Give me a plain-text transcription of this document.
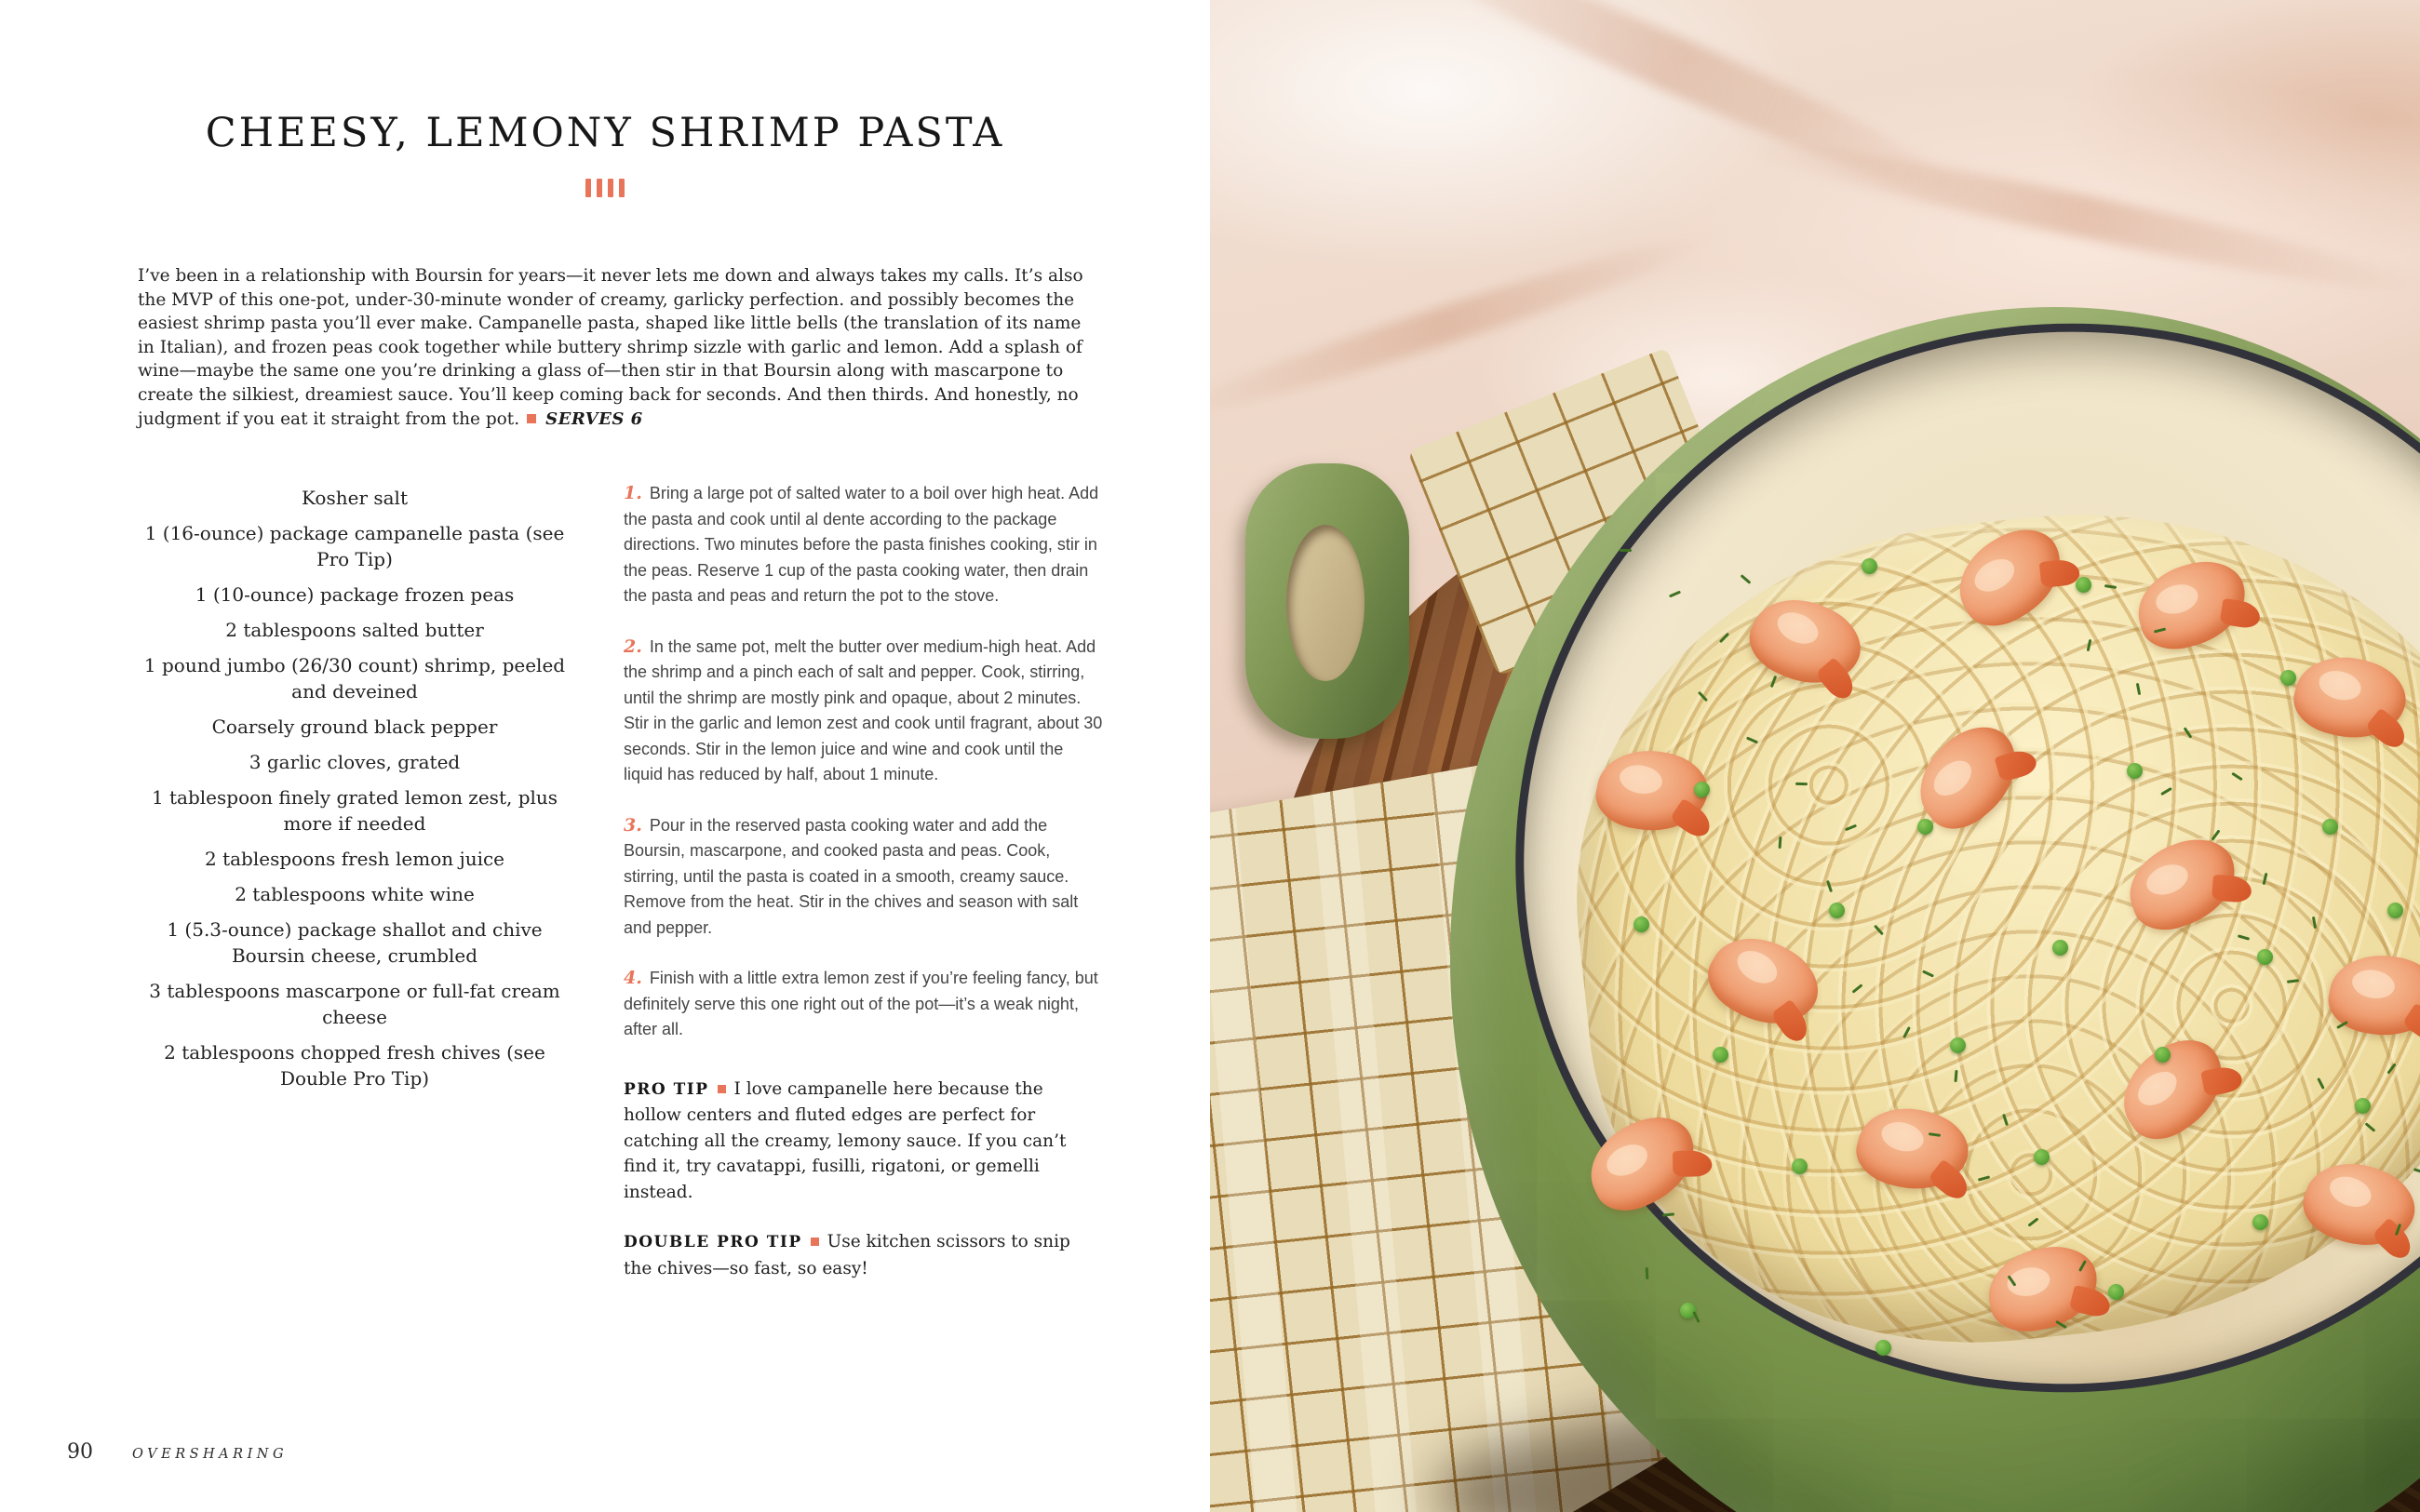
CHEESY, LEMONY SHRIMP PASTA

I’ve been in a relationship with Boursin for years—it never lets me down and always takes my calls. It’s also the MVP of this one-pot, under-30-minute wonder of creamy, garlicky perfection. and possibly becomes the easiest shrimp pasta you’ll ever make. Campanelle pasta, shaped like little bells (the translation of its name in Italian), and frozen peas cook together while buttery shrimp sizzle with garlic and lemon. Add a splash of wine—maybe the same one you’re drinking a glass of—then stir in that Boursin along with mascarpone to create the silkiest, dreamiest sauce. You’ll keep coming back for seconds. And then thirds. And honestly, no judgment if you eat it straight from the pot. SERVES 6

Kosher salt
1 (16-ounce) package campanelle pasta (see Pro Tip)
1 (10-ounce) package frozen peas
2 tablespoons salted butter
1 pound jumbo (26/30 count) shrimp, peeled and deveined
Coarsely ground black pepper
3 garlic cloves, grated
1 tablespoon finely grated lemon zest, plus more if needed
2 tablespoons fresh lemon juice
2 tablespoons white wine
1 (5.3-ounce) package shallot and chive Boursin cheese, crumbled
3 tablespoons mascarpone or full-fat cream cheese
2 tablespoons chopped fresh chives (see Double Pro Tip)
1. Bring a large pot of salted water to a boil over high heat. Add the pasta and cook until al dente according to the package directions. Two minutes before the pasta finishes cooking, stir in the peas. Reserve 1 cup of the pasta cooking water, then drain the pasta and peas and return the pot to the stove.
2. In the same pot, melt the butter over medium-high heat. Add the shrimp and a pinch each of salt and pepper. Cook, stirring, until the shrimp are mostly pink and opaque, about 2 minutes. Stir in the garlic and lemon zest and cook until fragrant, about 30 seconds. Stir in the lemon juice and wine and cook until the liquid has reduced by half, about 1 minute.
3. Pour in the reserved pasta cooking water and add the Boursin, mascarpone, and cooked pasta and peas. Cook, stirring, until the pasta is coated in a smooth, creamy sauce. Remove from the heat. Stir in the chives and season with salt and pepper.
4. Finish with a little extra lemon zest if you’re feeling fancy, but definitely serve this one right out of the pot—it’s a weak night, after all.

PRO TIP I love campanelle here because the hollow centers and fluted edges are perfect for catching all the creamy, lemony sauce. If you can’t find it, try cavatappi, fusilli, rigatoni, or gemelli instead.

DOUBLE PRO TIP Use kitchen scissors to snip the chives—so fast, so easy!

90	OVERSHARING
